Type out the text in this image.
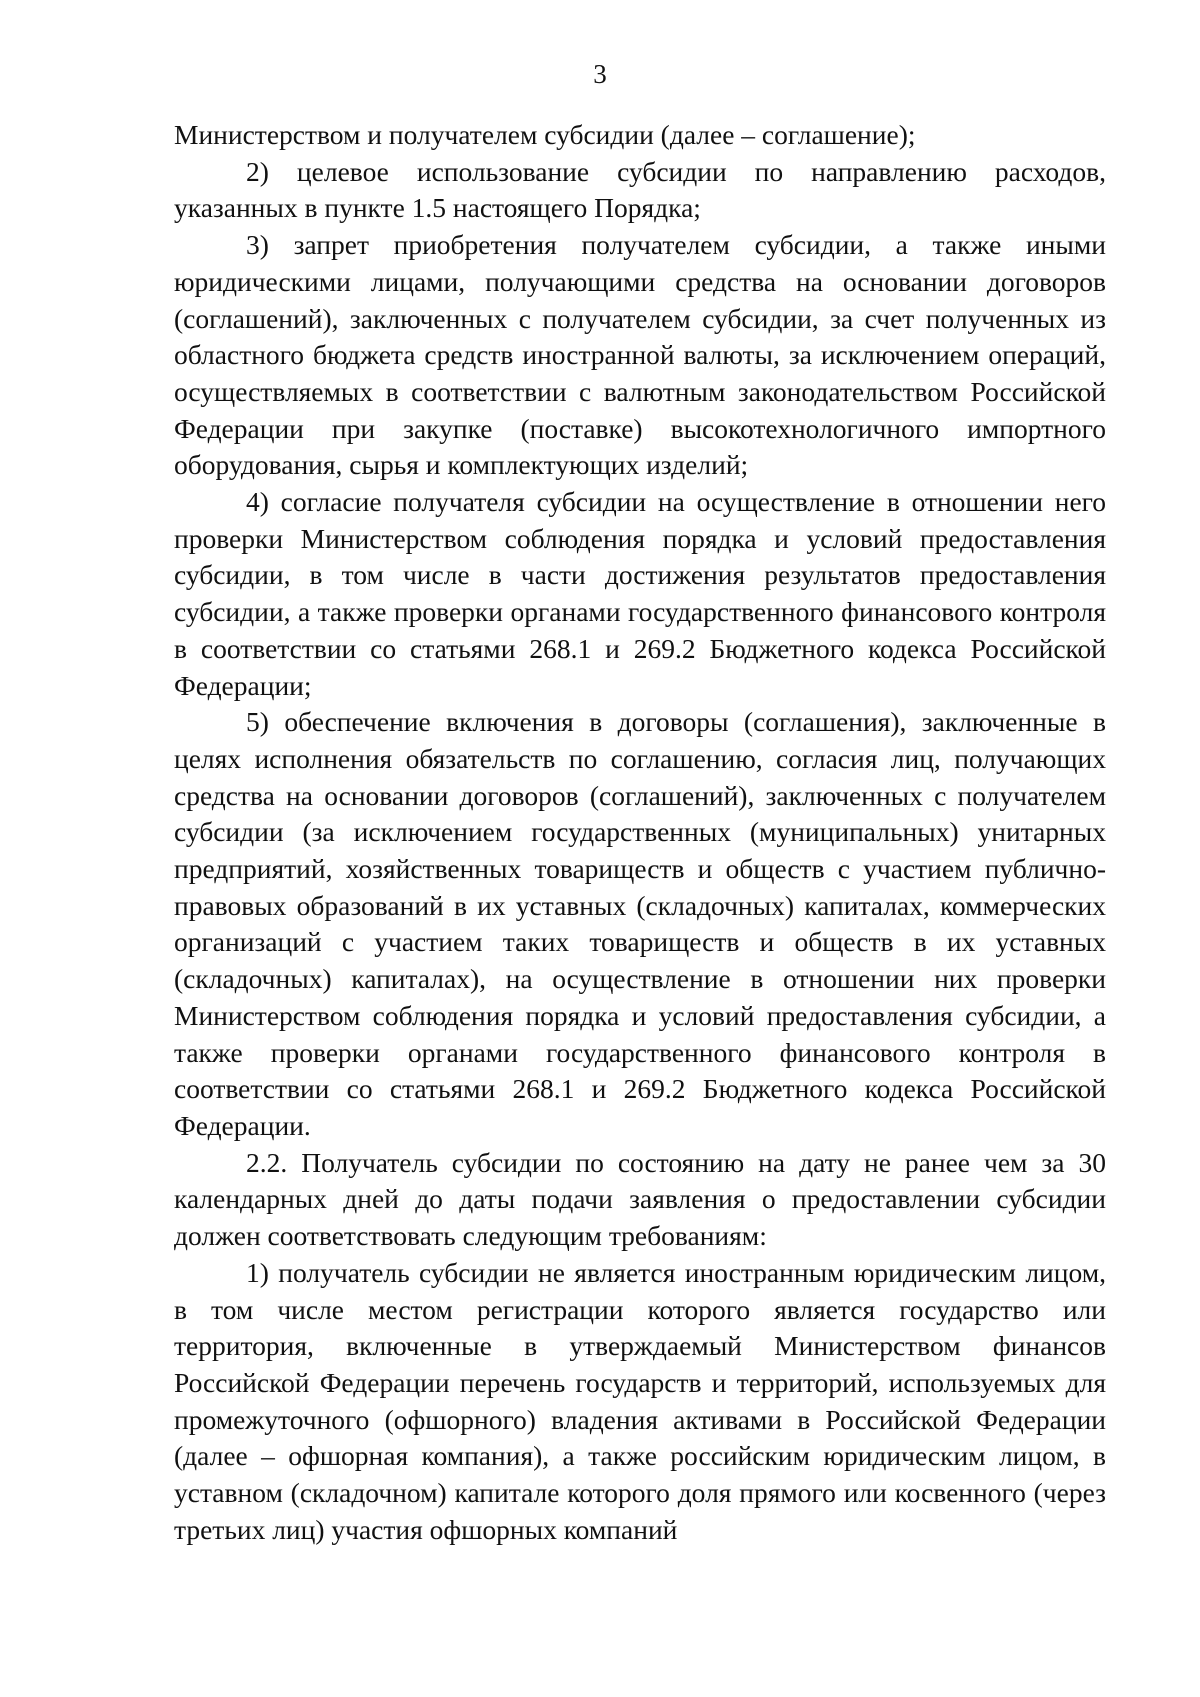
3

Министерством и получателем субсидии (далее – соглашение);

2) целевое использование субсидии по направлению расходов, указанных в пункте 1.5 настоящего Порядка;

3) запрет приобретения получателем субсидии, а также иными юридическими лицами, получающими средства на основании договоров (соглашений), заключенных с получателем субсидии, за счет полученных из областного бюджета средств иностранной валюты, за исключением операций, осуществляемых в соответствии с валютным законодательством Российской Федерации при закупке (поставке) высокотехнологичного импортного оборудования, сырья и комплектующих изделий;

4) согласие получателя субсидии на осуществление в отношении него проверки Министерством соблюдения порядка и условий предоставления субсидии, в том числе в части достижения результатов предоставления субсидии, а также проверки органами государственного финансового контроля в соответствии со статьями 268.1 и 269.2 Бюджетного кодекса Российской Федерации;

5) обеспечение включения в договоры (соглашения), заключенные в целях исполнения обязательств по соглашению, согласия лиц, получающих средства на основании договоров (соглашений), заключенных с получателем субсидии (за исключением государственных (муниципальных) унитарных предприятий, хозяйственных товариществ и обществ с участием публично-правовых образований в их уставных (складочных) капиталах, коммерческих организаций с участием таких товариществ и обществ в их уставных (складочных) капиталах), на осуществление в отношении них проверки Министерством соблюдения порядка и условий предоставления субсидии, а также проверки органами государственного финансового контроля в соответствии со статьями 268.1 и 269.2 Бюджетного кодекса Российской Федерации.

2.2. Получатель субсидии по состоянию на дату не ранее чем за 30 календарных дней до даты подачи заявления о предоставлении субсидии должен соответствовать следующим требованиям:

1) получатель субсидии не является иностранным юридическим лицом, в том числе местом регистрации которого является государство или территория, включенные в утверждаемый Министерством финансов Российской Федерации перечень государств и территорий, используемых для промежуточного (офшорного) владения активами в Российской Федерации (далее – офшорная компания), а также российским юридическим лицом, в уставном (складочном) капитале которого доля прямого или косвенного (через третьих лиц) участия офшорных компаний
